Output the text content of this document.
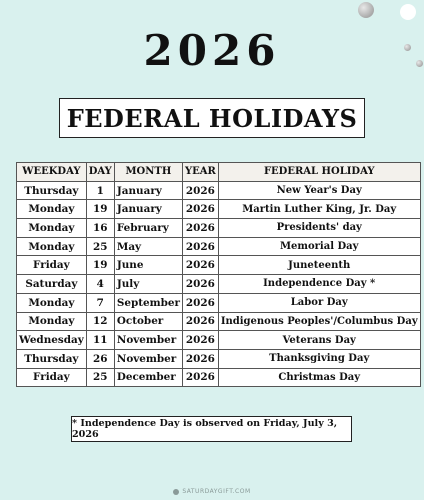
2026
FEDERAL HOLIDAYS
WEEKDAY	DAY	MONTH	YEAR	FEDERAL HOLIDAY
Thursday	1	January	2026	New Year's Day
Monday	19	January	2026	Martin Luther King, Jr. Day
Monday	16	February	2026	Presidents' day
Monday	25	May	2026	Memorial Day
Friday	19	June	2026	Juneteenth
Saturday	4	July	2026	Independence Day *
Monday	7	September	2026	Labor Day
Monday	12	October	2026	Indigenous Peoples'/Columbus Day
Wednesday	11	November	2026	Veterans Day
Thursday	26	November	2026	Thanksgiving Day
Friday	25	December	2026	Christmas Day
* Independence Day is observed on Friday, July 3, 2026
SATURDAYGIFT.COM
